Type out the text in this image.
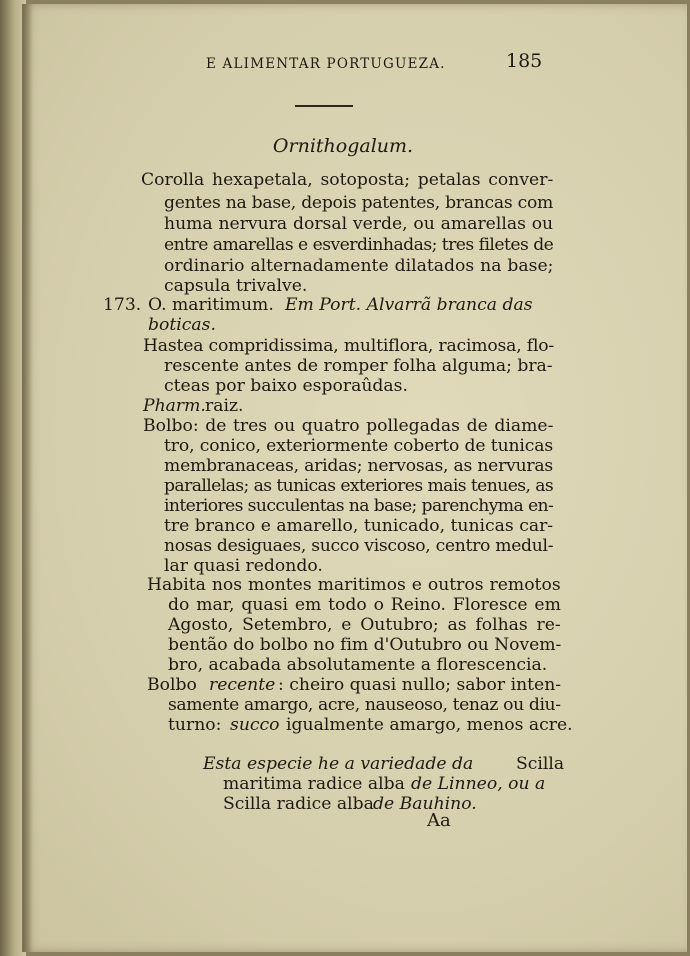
E ALIMENTAR PORTUGUEZA.	185
Ornithogalum.
Corolla hexapetala, sotoposta; petalas conver-
gentes na base, depois patentes, brancas com
huma nervura dorsal verde, ou amarellas ou
entre amarellas e esverdinhadas; tres filetes de
ordinario alternadamente dilatados na base;
capsula trivalve.
173. O. maritimum. Em Port. Alvarrã branca das
boticas.
Hastea compridissima, multiflora, racimosa, flo-
rescente antes de romper folha alguma; bra-
cteas por baixo esporaûdas.
Pharm. raiz.
Bolbo: de tres ou quatro pollegadas de diame-
tro, conico, exteriormente coberto de tunicas
membranaceas, aridas; nervosas, as nervuras
parallelas; as tunicas exteriores mais tenues, as
interiores succulentas na base; parenchyma en-
tre branco e amarello, tunicado, tunicas car-
nosas desiguaes, succo viscoso, centro medul-
lar quasi redondo.
Habita nos montes maritimos e outros remotos
do mar, quasi em todo o Reino. Floresce em
Agosto, Setembro, e Outubro; as folhas re-
bentão do bolbo no fim d'Outubro ou Novem-
bro, acabada absolutamente a florescencia.
Bolbo recente : cheiro quasi nullo; sabor inten-
samente amargo, acre, nauseoso, tenaz ou diu-
turno: succo igualmente amargo, menos acre.
Esta especie he a variedade da Scilla
maritima radice alba de Linneo, ou a
Scilla radice alba de Bauhino.
Aa
